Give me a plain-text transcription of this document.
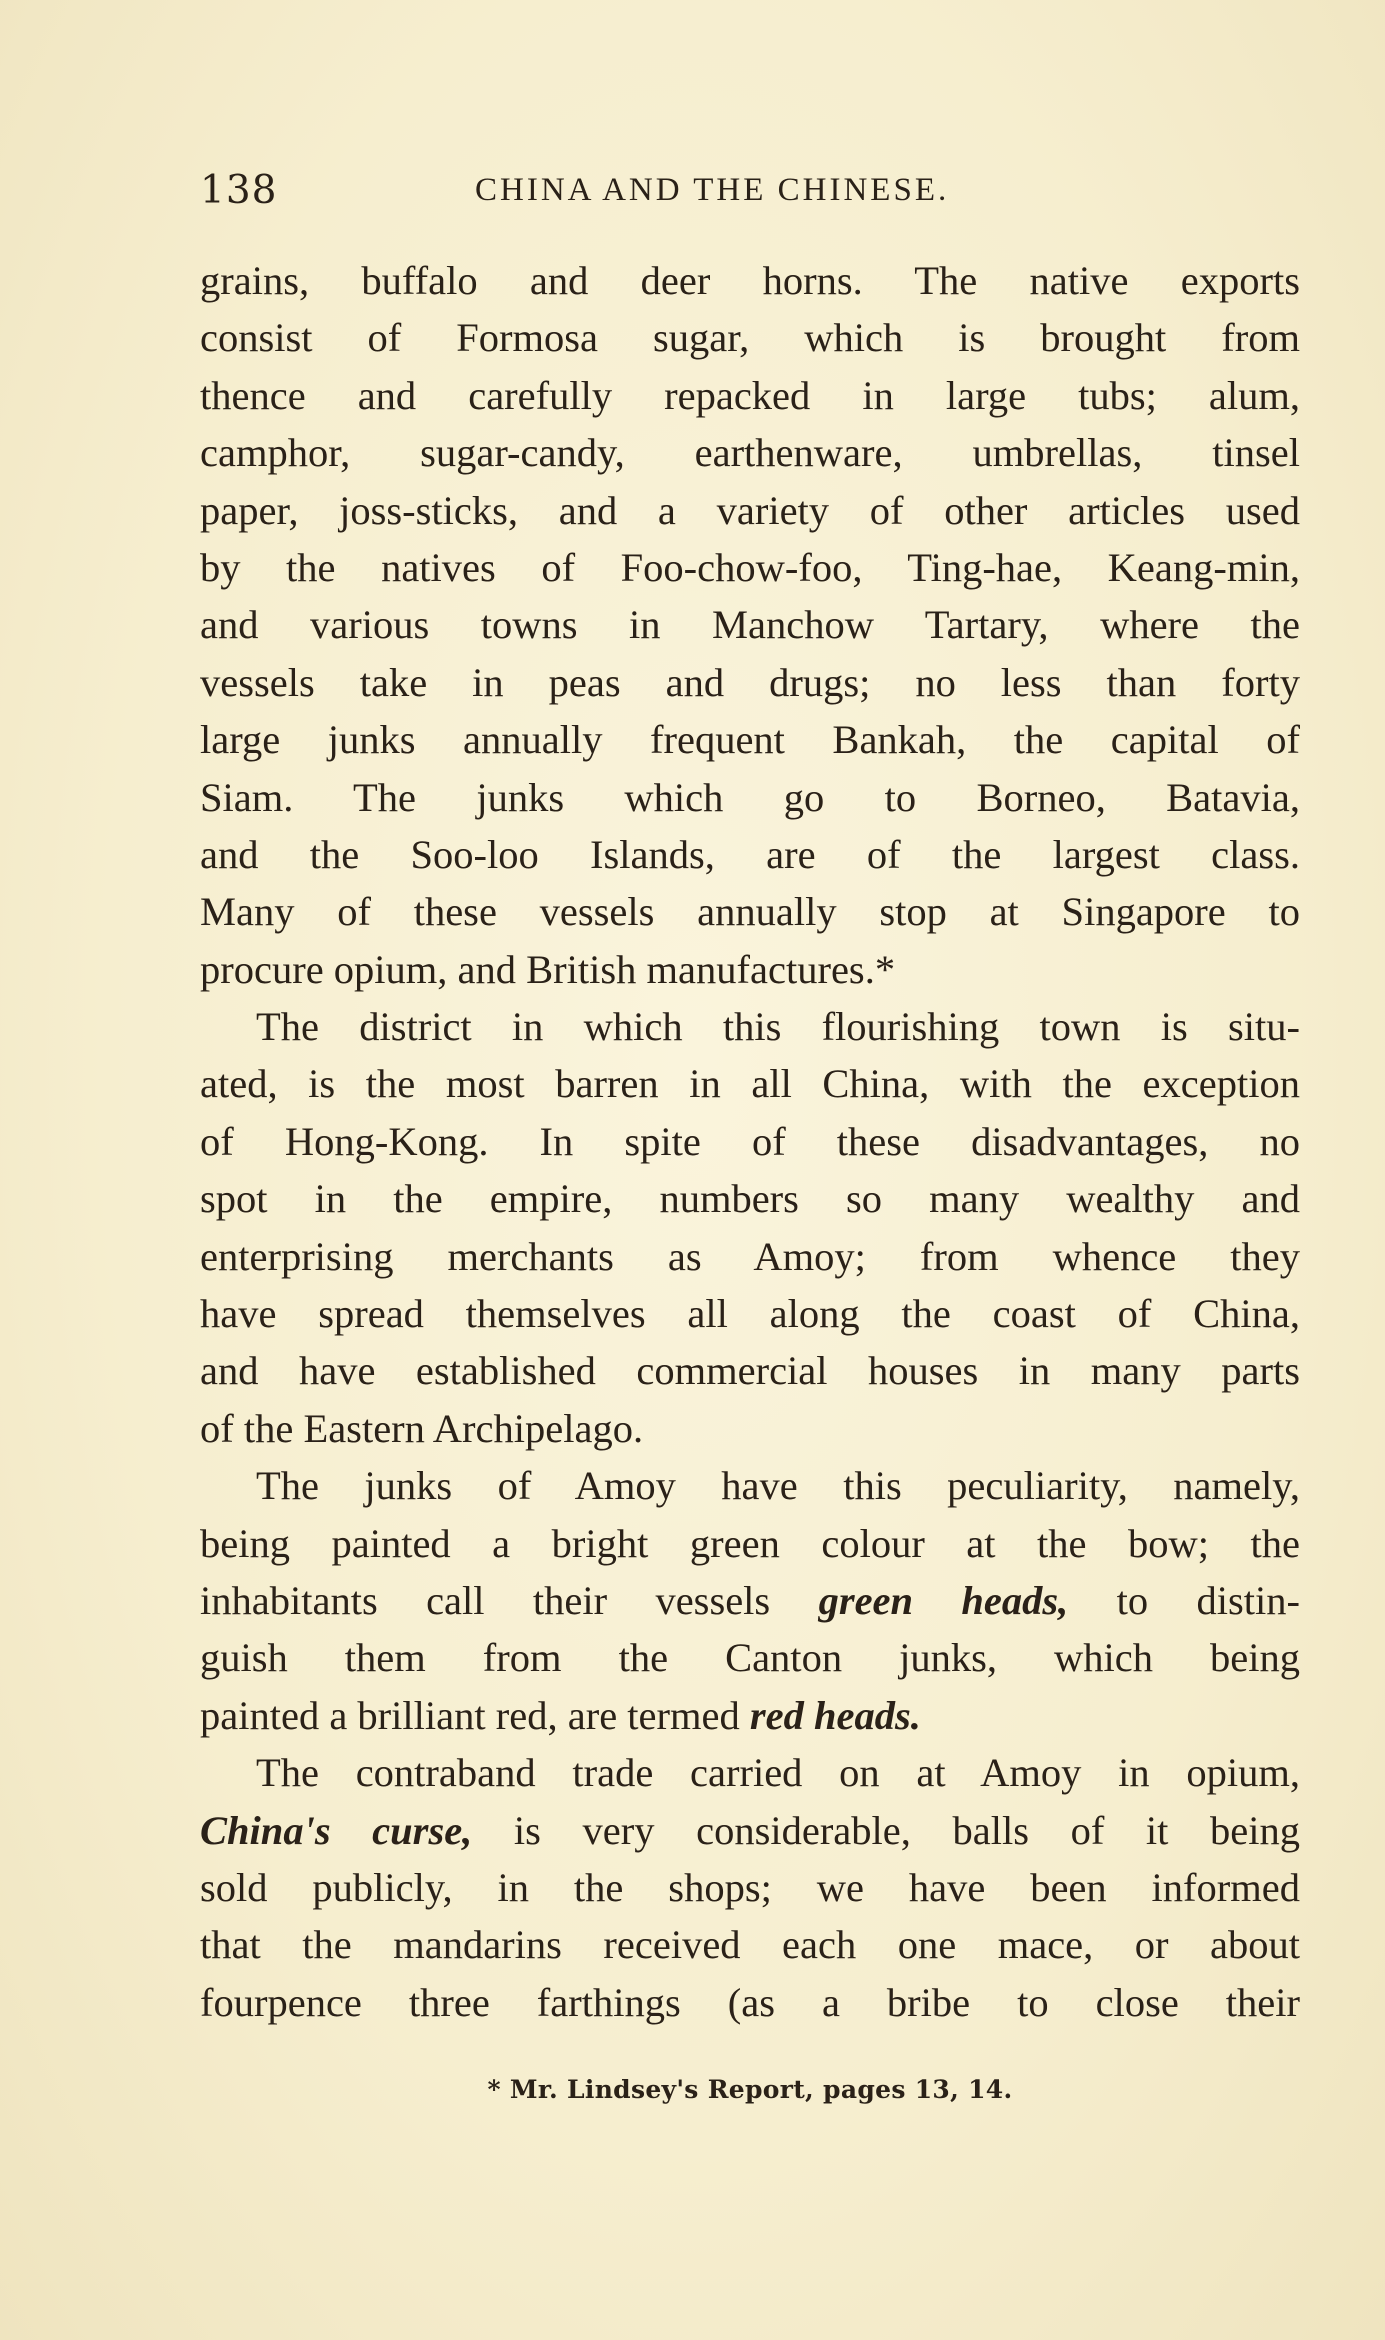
138	CHINA AND THE CHINESE.
grains, buffalo and deer horns. The native exports
consist of Formosa sugar, which is brought from
thence and carefully repacked in large tubs; alum,
camphor, sugar-candy, earthenware, umbrellas, tinsel
paper, joss-sticks, and a variety of other articles used
by the natives of Foo-chow-foo, Ting-hae, Keang-min,
and various towns in Manchow Tartary, where the
vessels take in peas and drugs; no less than forty
large junks annually frequent Bankah, the capital of
Siam. The junks which go to Borneo, Batavia,
and the Soo-loo Islands, are of the largest class.
Many of these vessels annually stop at Singapore to
procure opium, and British manufactures.*
The district in which this flourishing town is situ-
ated, is the most barren in all China, with the exception
of Hong-Kong. In spite of these disadvantages, no
spot in the empire, numbers so many wealthy and
enterprising merchants as Amoy; from whence they
have spread themselves all along the coast of China,
and have established commercial houses in many parts
of the Eastern Archipelago.
The junks of Amoy have this peculiarity, namely,
being painted a bright green colour at the bow; the
inhabitants call their vessels green heads, to distin-
guish them from the Canton junks, which being
painted a brilliant red, are termed red heads.
The contraband trade carried on at Amoy in opium,
China's curse, is very considerable, balls of it being
sold publicly, in the shops; we have been informed
that the mandarins received each one mace, or about
fourpence three farthings (as a bribe to close their
* Mr. Lindsey's Report, pages 13, 14.
